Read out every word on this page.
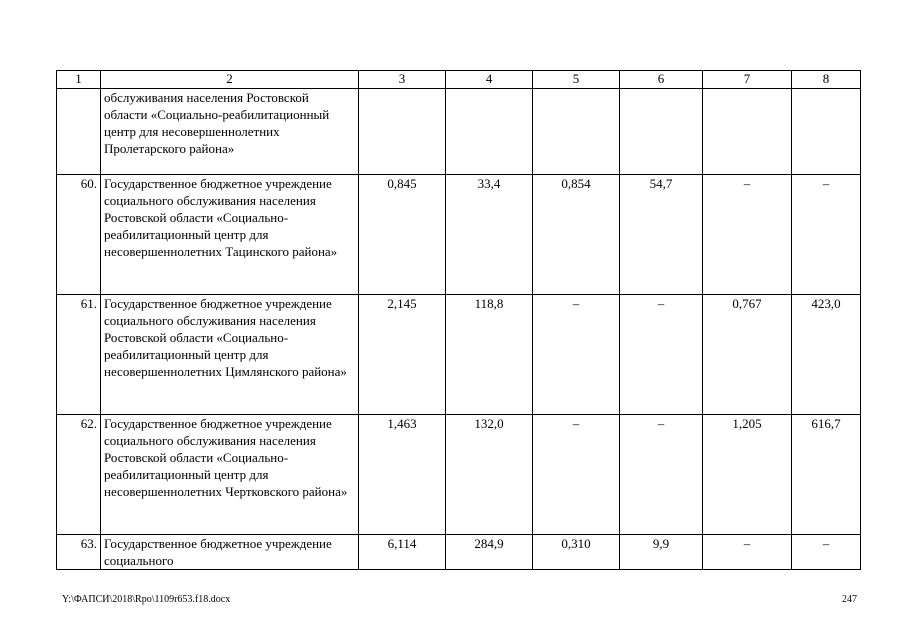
1	2	3	4	5	6	7	8
	обслуживания населения Ростовской области «Социально-реабилитационный центр для несовершеннолетних Пролетарского района»						
60.	Государственное бюджетное учреждение социального обслуживания населения Ростовской области «Социально-реабилитационный центр для несовершеннолетних Тацинского района»	0,845	33,4	0,854	54,7	–	–
61.	Государственное бюджетное учреждение социального обслуживания населения Ростовской области «Социально-реабилитационный центр для несовершеннолетних Цимлянского района»	2,145	118,8	–	–	0,767	423,0
62.	Государственное бюджетное учреждение социального обслуживания населения Ростовской области «Социально-реабилитационный центр для несовершеннолетних Чертковского района»	1,463	132,0	–	–	1,205	616,7
63.	Государственное бюджетное учреждение социального	6,114	284,9	0,310	9,9	–	–
Y:\ФАПСИ\2018\Rpo\1109r653.f18.docx	247
